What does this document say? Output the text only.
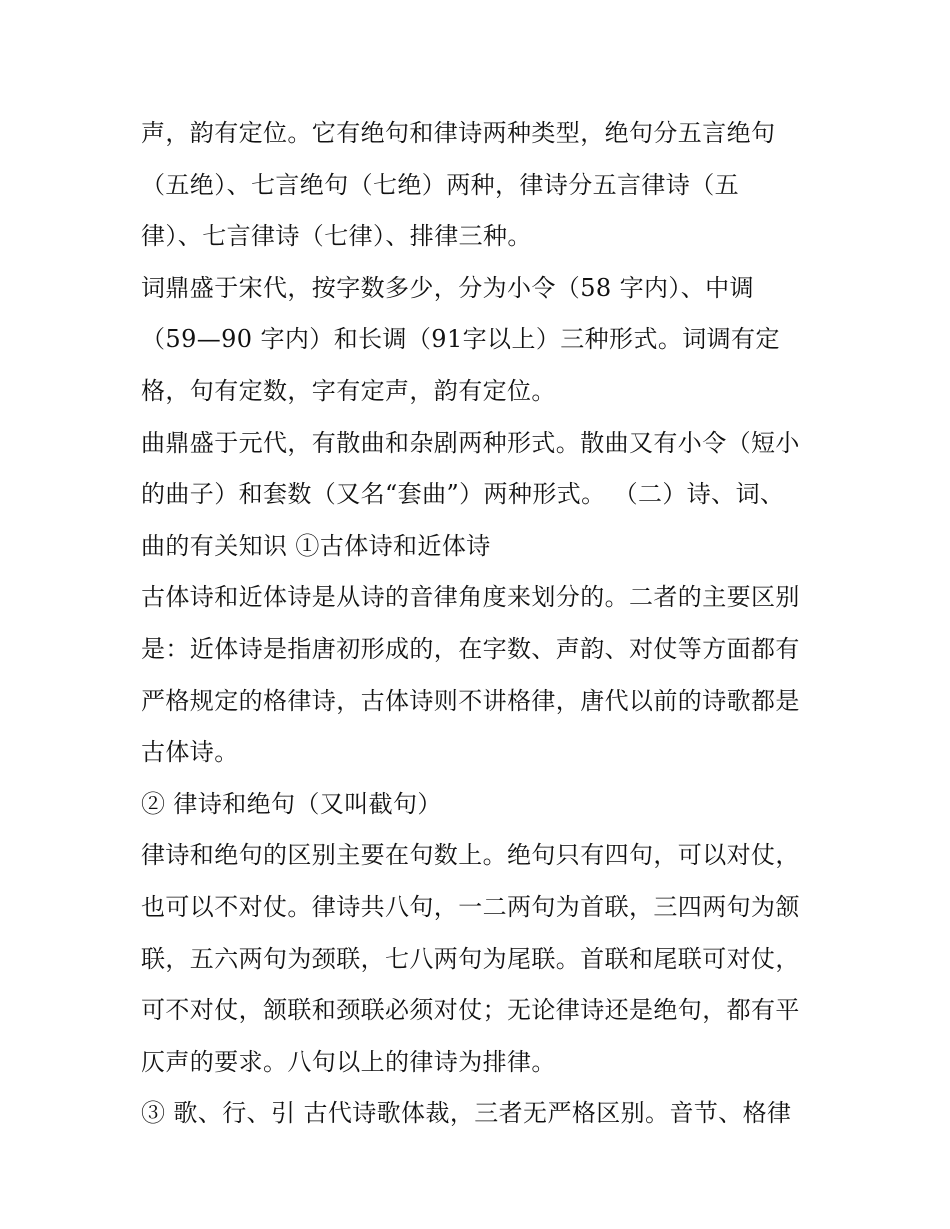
声，韵有定位。它有绝句和律诗两种类型，绝句分五言绝句
（五绝）、七言绝句（七绝）两种，律诗分五言律诗（五
律）、七言律诗（七律）、排律三种。
词鼎盛于宋代，按字数多少，分为小令（58 字内）、中调
（59—90 字内）和长调（91字以上）三种形式。词调有定
格，句有定数，字有定声，韵有定位。
曲鼎盛于元代，有散曲和杂剧两种形式。散曲又有小令（短小
的曲子）和套数（又名“套曲”）两种形式。 （二）诗、词、
曲的有关知识 ①古体诗和近体诗
古体诗和近体诗是从诗的音律角度来划分的。二者的主要区别
是：近体诗是指唐初形成的，在字数、声韵、对仗等方面都有
严格规定的格律诗，古体诗则不讲格律，唐代以前的诗歌都是
古体诗。
② 律诗和绝句（又叫截句）
律诗和绝句的区别主要在句数上。绝句只有四句，可以对仗，
也可以不对仗。律诗共八句，一二两句为首联，三四两句为颔
联，五六两句为颈联，七八两句为尾联。首联和尾联可对仗，
可不对仗，颔联和颈联必须对仗；无论律诗还是绝句，都有平
仄声的要求。八句以上的律诗为排律。
③ 歌、行、引 古代诗歌体裁，三者无严格区别。音节、格律
